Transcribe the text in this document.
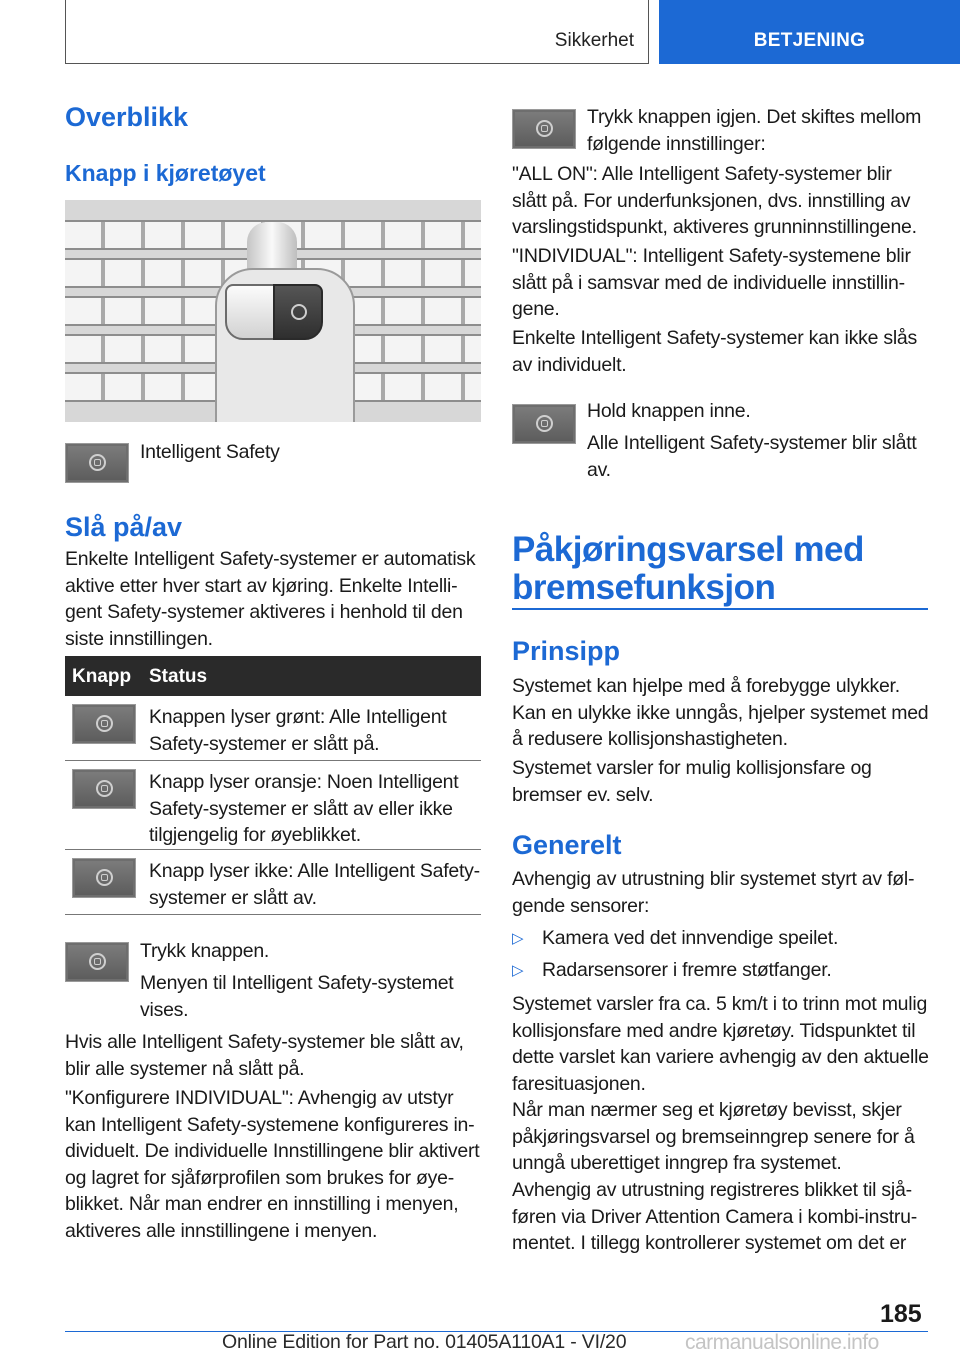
Sikkerhet	BETJENING
Overblikk
Knapp i kjøretøyet
Intelligent Safety
Slå på/av
Enkelte Intelligent Safety-systemer er automatisk aktive etter hver start av kjøring. Enkelte Intelligent Safety-systemer aktiveres i henhold til den siste innstillingen.
Knapp Status
Knappen lyser grønt: Alle Intelligent Safety-systemer er slått på.
Knapp lyser oransje: Noen Intelligent Safety-systemer er slått av eller ikke tilgjengelig for øyeblikket.
Knapp lyser ikke: Alle Intelligent Safety-systemer er slått av.
Trykk knappen.
Menyen til Intelligent Safety-systemet vises.
Hvis alle Intelligent Safety-systemer ble slått av, blir alle systemer nå slått på.
"Konfigurere INDIVIDUAL": Avhengig av utstyr kan Intelligent Safety-systemene konfigureres individuelt. De individuelle Innstillingene blir aktivert og lagret for sjåførprofilen som brukes for øyeblikket. Når man endrer en innstilling i menyen, aktiveres alle innstillingene i menyen.
Trykk knappen igjen. Det skiftes mellom følgende innstillinger:
"ALL ON": Alle Intelligent Safety-systemer blir slått på. For underfunksjonen, dvs. innstilling av varslingstidspunkt, aktiveres grunninnstillingene.
"INDIVIDUAL": Intelligent Safety-systemene blir slått på i samsvar med de individuelle innstillingene.
Enkelte Intelligent Safety-systemer kan ikke slås av individuelt.
Hold knappen inne.
Alle Intelligent Safety-systemer blir slått av.
Påkjøringsvarsel med bremsefunksjon
Prinsipp
Systemet kan hjelpe med å forebygge ulykker. Kan en ulykke ikke unngås, hjelper systemet med å redusere kollisjonshastigheten.
Systemet varsler for mulig kollisjonsfare og bremser ev. selv.
Generelt
Avhengig av utrustning blir systemet styrt av følgende sensorer:
▷ Kamera ved det innvendige speilet.
▷ Radarsensorer i fremre støtfanger.
Systemet varsler fra ca. 5 km/t i to trinn mot mulig kollisjonsfare med andre kjøretøy. Tidspunktet til dette varslet kan variere avhengig av den aktuelle faresituasjonen.
Når man nærmer seg et kjøretøy bevisst, skjer påkjøringsvarsel og bremseinngrep senere for å unngå uberettiget inngrep fra systemet.
Avhengig av utrustning registreres blikket til sjåføren via Driver Attention Camera i kombi-instrumentet. I tillegg kontrollerer systemet om det er
185
Online Edition for Part no. 01405A110A1 - VI/20	carmanualsonline.info
